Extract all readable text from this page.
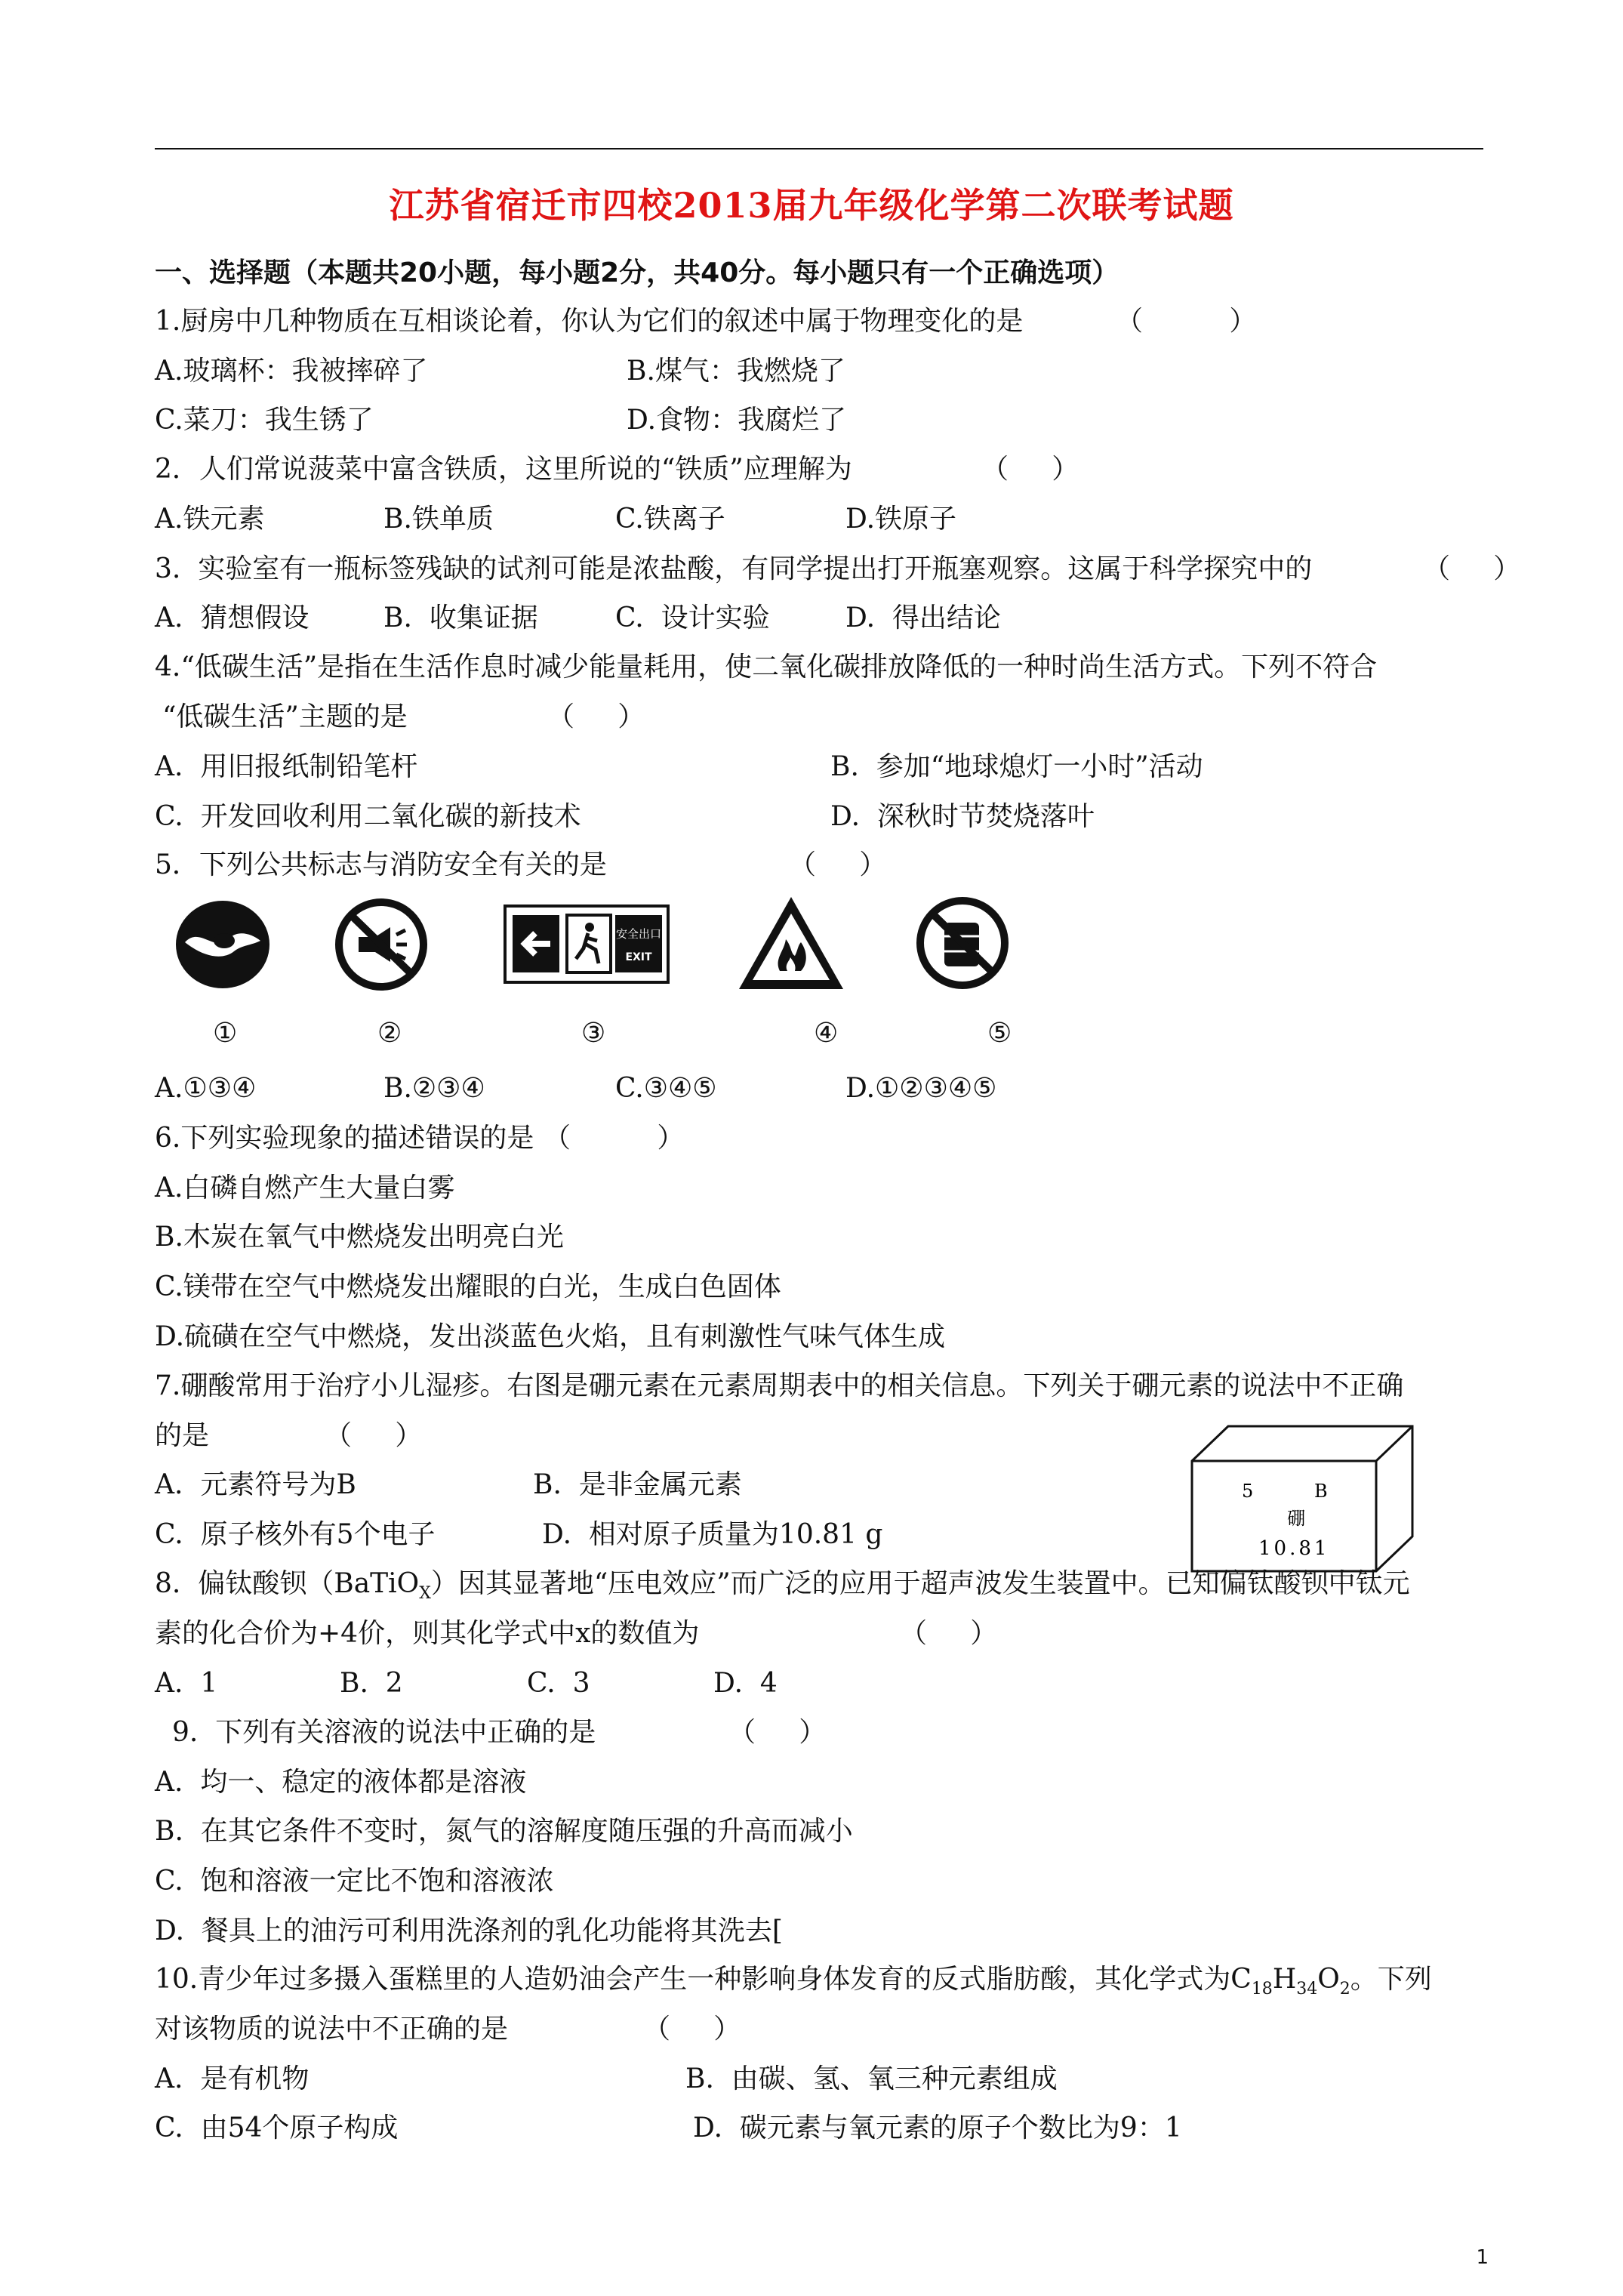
江苏省宿迁市四校2013届九年级化学第二次联考试题
一、选择题（本题共20小题，每小题2分，共40分。每小题只有一个正确选项）
1.厨房中几种物质在互相谈论着，你认为它们的叙述中属于物理变化的是	（          ）
A.玻璃杯：我被摔碎了	B.煤气：我燃烧了
C.菜刀：我生锈了	D.食物：我腐烂了
2．人们常说菠菜中富含铁质，这里所说的“铁质”应理解为	（     ）
A.铁元素	B.铁单质	C.铁离子	D.铁原子
3.  实验室有一瓶标签残缺的试剂可能是浓盐酸，有同学提出打开瓶塞观察。这属于科学探究中的	（     ）
A.  猜想假设	B.  收集证据	C.  设计实验	D.  得出结论
4.“低碳生活”是指在生活作息时减少能量耗用，使二氧化碳排放降低的一种时尚生活方式。下列不符合
“低碳生活”主题的是	（     ）
A.  用旧报纸制铅笔杆	B.  参加“地球熄灯一小时”活动
C.  开发回收利用二氧化碳的新技术	D.  深秋时节焚烧落叶
5．下列公共标志与消防安全有关的是	（     ）
安全出口
EXIT
①	②	③	④	⑤
A.①③④	B.②③④	C.③④⑤	D.①②③④⑤
6.下列实验现象的描述错误的是 （          ）
A.白磷自燃产生大量白雾
B.木炭在氧气中燃烧发出明亮白光
C.镁带在空气中燃烧发出耀眼的白光，生成白色固体
D.硫磺在空气中燃烧，发出淡蓝色火焰，且有刺激性气味气体生成
7.硼酸常用于治疗小儿湿疹。右图是硼元素在元素周期表中的相关信息。下列关于硼元素的说法中不正确
的是	（     ）
A.  元素符号为B	B.  是非金属元素
C.  原子核外有5个电子	D.  相对原子质量为10.81 g
5	B
硼
10.81
8.  偏钛酸钡（BaTiO$_X$）因其显著地“压电效应”而广泛的应用于超声波发生装置中。已知偏钛酸钡中钛元
素的化合价为+4价，则其化学式中x的数值为	（     ）
A.  1	B.  2	C.  3	D.  4
9.  下列有关溶液的说法中正确的是	（     ）
A.  均一、稳定的液体都是溶液
B.  在其它条件不变时，氮气的溶解度随压强的升高而减小
C.  饱和溶液一定比不饱和溶液浓
D.  餐具上的油污可利用洗涤剂的乳化功能将其洗去[
10.青少年过多摄入蛋糕里的人造奶油会产生一种影响身体发育的反式脂肪酸，其化学式为$C_{18}H_{34}O_2$。下列
对该物质的说法中不正确的是	（     ）
A.  是有机物	B.  由碳、氢、氧三种元素组成
C.  由54个原子构成	D.  碳元素与氧元素的原子个数比为9：1
1
